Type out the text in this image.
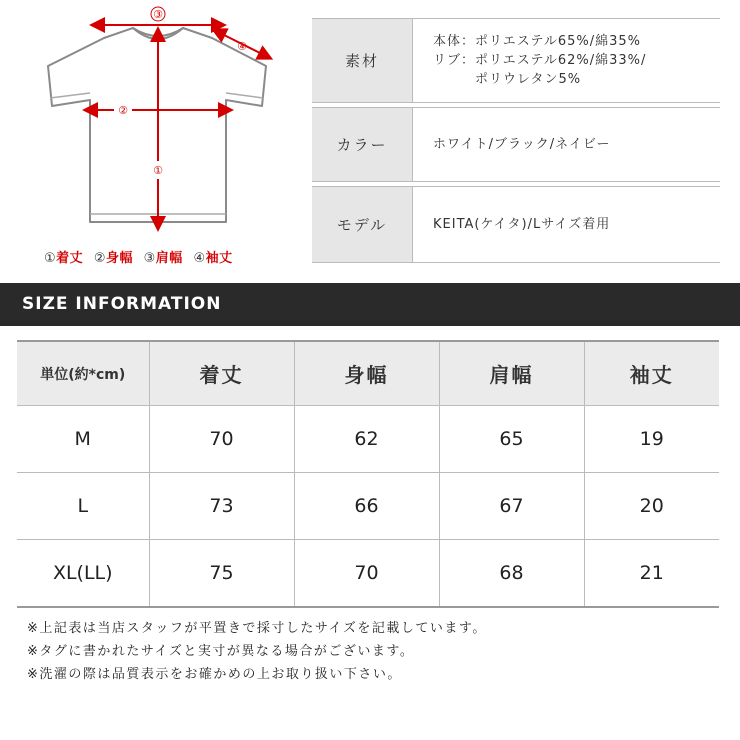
③
④
②
①
①着丈 ②身幅 ③肩幅 ④袖丈
素材	本体：ポリエステル65%/綿35%
リブ：ポリエステル62%/綿33%/
　　　ポリウレタン5%

カラー	ホワイト/ブラック/ネイビー

モデル	KEITA(ケイタ)/Lサイズ着用
SIZE INFORMATION
単位(約*cm)	着丈	身幅	肩幅	袖丈
M	70	62	65	19
L	73	66	67	20
XL(LL)	75	70	68	21
※上記表は当店スタッフが平置きで採寸したサイズを記載しています。
※タグに書かれたサイズと実寸が異なる場合がございます。
※洗濯の際は品質表示をお確かめの上お取り扱い下さい。
